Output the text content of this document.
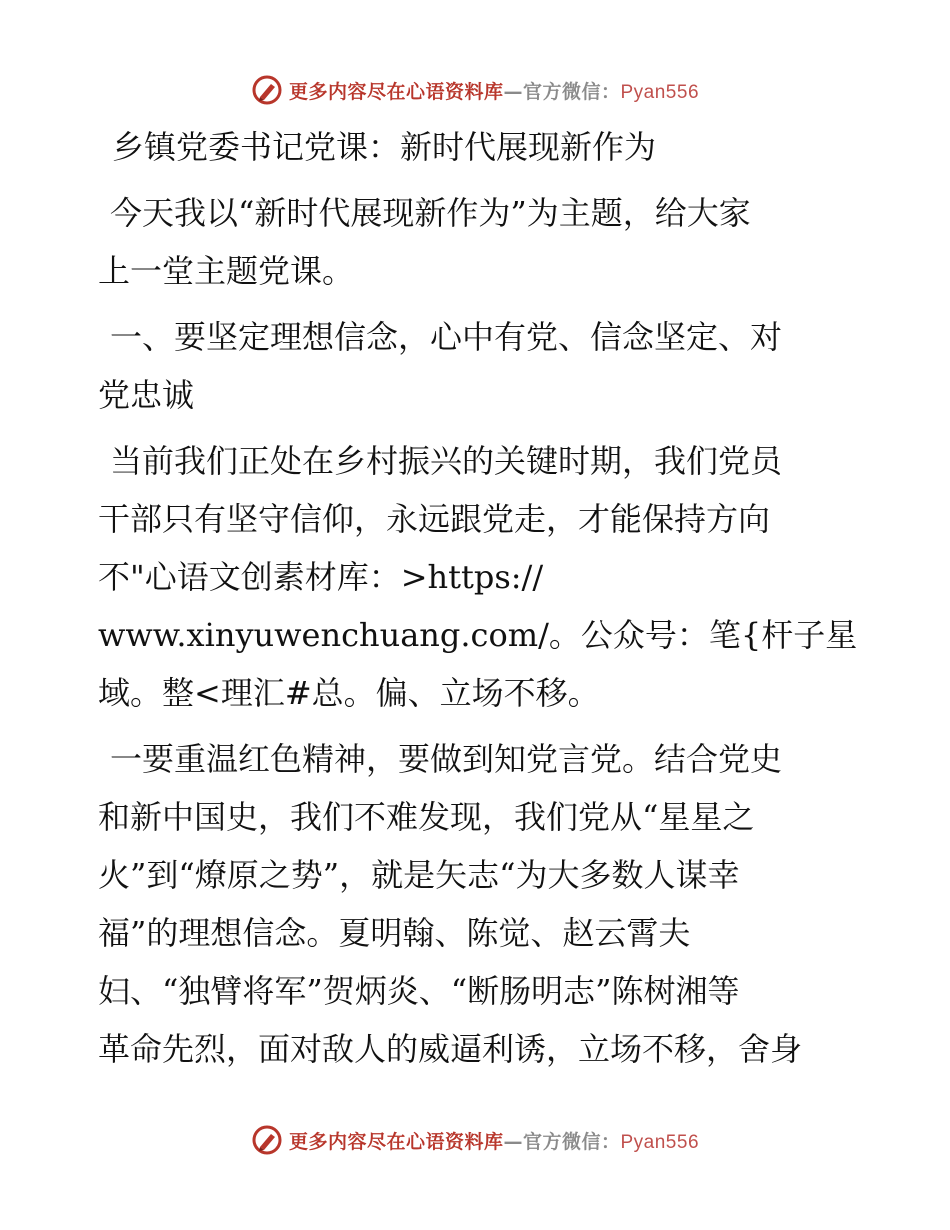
更多内容尽在心语资料库—官方微信：Pyan556
乡镇党委书记党课：新时代展现新作为

今天我以“新时代展现新作为”为主题，给大家
上一堂主题党课。

一、要坚定理想信念，心中有党、信念坚定、对
党忠诚

当前我们正处在乡村振兴的关键时期，我们党员
干部只有坚守信仰，永远跟党走，才能保持方向
不"心语文创素材库：>https://
www.xinyuwenchuang.com/。公众号：笔{杆子星
域。整<理汇#总。偏、立场不移。

一要重温红色精神，要做到知党言党。结合党史
和新中国史，我们不难发现，我们党从“星星之
火”到“燎原之势”，就是矢志“为大多数人谋幸
福”的理想信念。夏明翰、陈觉、赵云霄夫
妇、“独臂将军”贺炳炎、“断肠明志”陈树湘等
革命先烈，面对敌人的威逼利诱，立场不移，舍身

更多内容尽在心语资料库—官方微信：Pyan556
